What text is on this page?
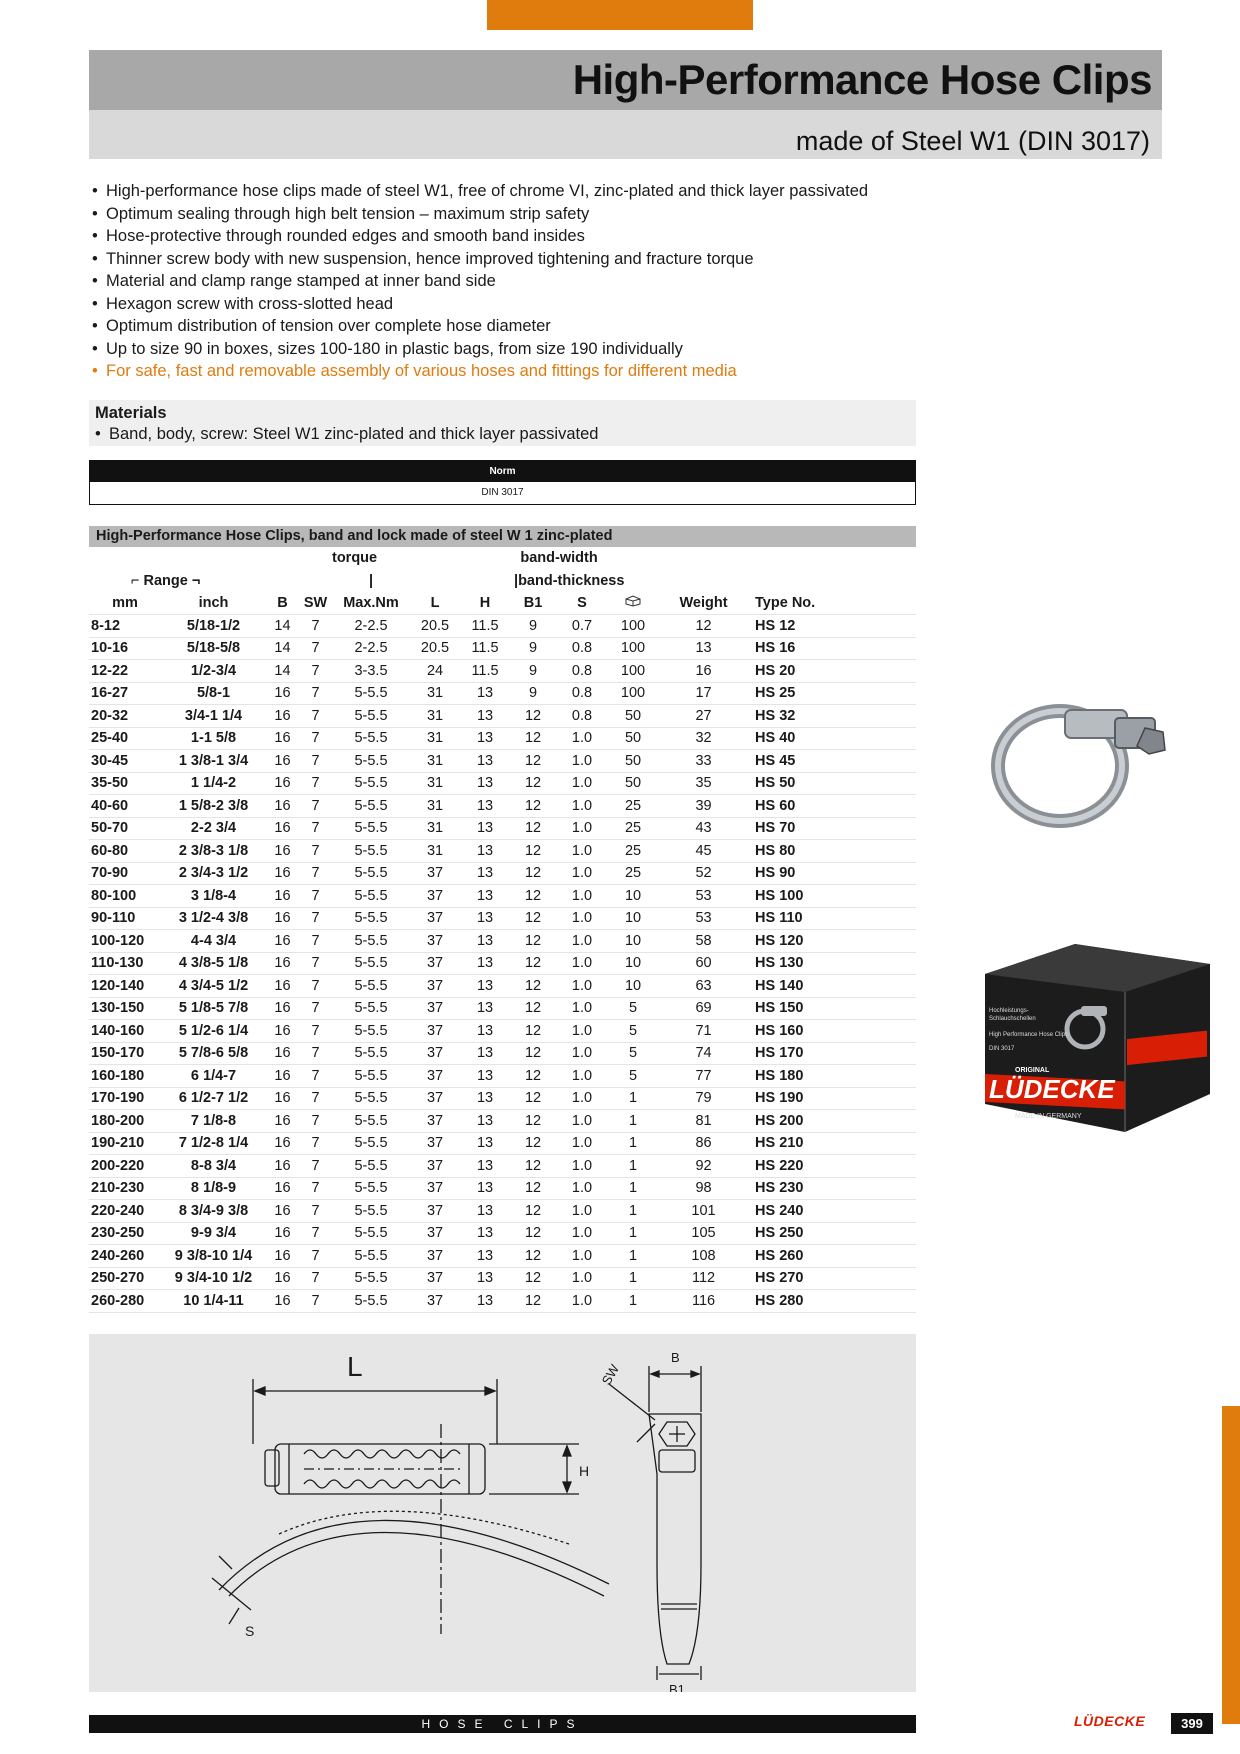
High-Performance Hose Clips
made of Steel W1 (DIN 3017)
• High-performance hose clips made of steel W1, free of chrome VI, zinc-plated and thick layer passivated
• Optimum sealing through high belt tension – maximum strip safety
• Hose-protective through rounded edges and smooth band insides
• Thinner screw body with new suspension, hence improved tightening and fracture torque
• Material and clamp range stamped at inner band side
• Hexagon screw with cross-slotted head
• Optimum distribution of tension over complete hose diameter
• Up to size 90 in boxes, sizes 100-180 in plastic bags, from size 190 individually
• For safe, fast and removable assembly of various hoses and fittings for different media
Materials
• Band, body, screw: Steel W1 zinc-plated and thick layer passivated
Norm
DIN 3017
High-Performance Hose Clips, band and lock made of steel W 1 zinc-plated
				torque		band-width					
⌐ Range ¬				|			|band-thickness				
mm	inch	B	SW	Max.Nm	L	H	B1	S		Weight	Type No.
8-12	5/18-1/2	14	7	2-2.5	20.5	11.5	9	0.7	100	12	HS 12
10-16	5/18-5/8	14	7	2-2.5	20.5	11.5	9	0.8	100	13	HS 16
12-22	1/2-3/4	14	7	3-3.5	24	11.5	9	0.8	100	16	HS 20
16-27	5/8-1	16	7	5-5.5	31	13	9	0.8	100	17	HS 25
20-32	3/4-1 1/4	16	7	5-5.5	31	13	12	0.8	50	27	HS 32
25-40	1-1 5/8	16	7	5-5.5	31	13	12	1.0	50	32	HS 40
30-45	1 3/8-1 3/4	16	7	5-5.5	31	13	12	1.0	50	33	HS 45
35-50	1 1/4-2	16	7	5-5.5	31	13	12	1.0	50	35	HS 50
40-60	1 5/8-2 3/8	16	7	5-5.5	31	13	12	1.0	25	39	HS 60
50-70	2-2 3/4	16	7	5-5.5	31	13	12	1.0	25	43	HS 70
60-80	2 3/8-3 1/8	16	7	5-5.5	31	13	12	1.0	25	45	HS 80
70-90	2 3/4-3 1/2	16	7	5-5.5	37	13	12	1.0	25	52	HS 90
80-100	3 1/8-4	16	7	5-5.5	37	13	12	1.0	10	53	HS 100
90-110	3 1/2-4 3/8	16	7	5-5.5	37	13	12	1.0	10	53	HS 110
100-120	4-4 3/4	16	7	5-5.5	37	13	12	1.0	10	58	HS 120
110-130	4 3/8-5 1/8	16	7	5-5.5	37	13	12	1.0	10	60	HS 130
120-140	4 3/4-5 1/2	16	7	5-5.5	37	13	12	1.0	10	63	HS 140
130-150	5 1/8-5 7/8	16	7	5-5.5	37	13	12	1.0	5	69	HS 150
140-160	5 1/2-6 1/4	16	7	5-5.5	37	13	12	1.0	5	71	HS 160
150-170	5 7/8-6 5/8	16	7	5-5.5	37	13	12	1.0	5	74	HS 170
160-180	6 1/4-7	16	7	5-5.5	37	13	12	1.0	5	77	HS 180
170-190	6 1/2-7 1/2	16	7	5-5.5	37	13	12	1.0	1	79	HS 190
180-200	7 1/8-8	16	7	5-5.5	37	13	12	1.0	1	81	HS 200
190-210	7 1/2-8 1/4	16	7	5-5.5	37	13	12	1.0	1	86	HS 210
200-220	8-8 3/4	16	7	5-5.5	37	13	12	1.0	1	92	HS 220
210-230	8 1/8-9	16	7	5-5.5	37	13	12	1.0	1	98	HS 230
220-240	8 3/4-9 3/8	16	7	5-5.5	37	13	12	1.0	1	101	HS 240
230-250	9-9 3/4	16	7	5-5.5	37	13	12	1.0	1	105	HS 250
240-260	9 3/8-10 1/4	16	7	5-5.5	37	13	12	1.0	1	108	HS 260
250-270	9 3/4-10 1/2	16	7	5-5.5	37	13	12	1.0	1	112	HS 270
260-280	10 1/4-11	16	7	5-5.5	37	13	12	1.0	1	116	HS 280
L
H
S
B
SW
B1
Hochleistungs-
Schlauchschellen
High Performance Hose Clips
DIN 3017
ORIGINAL
LÜDECKE
MADE IN GERMANY
HOSE CLIPS	LÜDECKE	399
